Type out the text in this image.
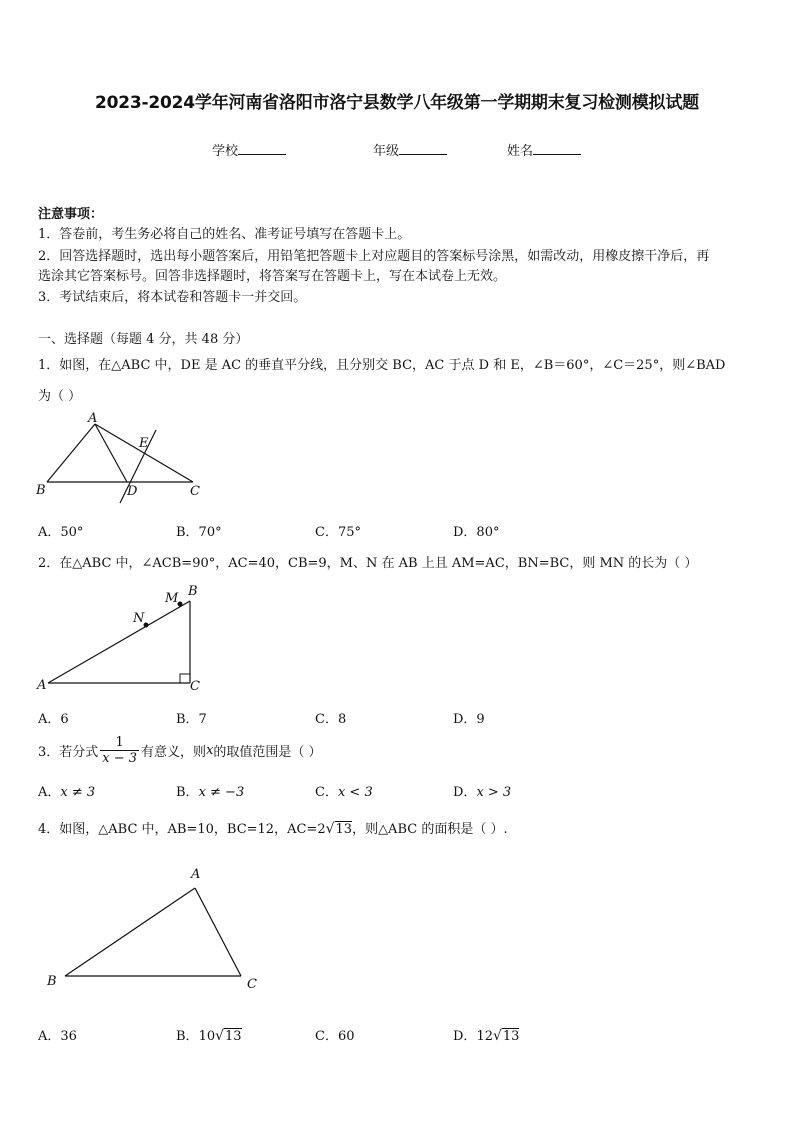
2023-2024学年河南省洛阳市洛宁县数学八年级第一学期期末复习检测模拟试题
学校	年级	姓名
注意事项：
1．答卷前，考生务必将自己的姓名、准考证号填写在答题卡上。
2．回答选择题时，选出每小题答案后，用铅笔把答题卡上对应题目的答案标号涂黑，如需改动，用橡皮擦干净后，再
选涂其它答案标号。回答非选择题时，将答案写在答题卡上，写在本试卷上无效。
3．考试结束后，将本试卷和答题卡一并交回。
一、选择题（每题 4 分，共 48 分）
1．如图，在△ABC 中，DE 是 AC 的垂直平分线，且分别交 BC，AC 于点 D 和 E，∠B＝60°，∠C＝25°，则∠BAD
为（ ）
A
B	C
D
E
A．50°	B．70°	C．75°	D．80°
2．在△ABC 中，∠ACB=90°，AC=40，CB=9，M、N 在 AB 上且 AM=AC，BN=BC，则 MN 的长为（ ）
A
B
C
M
N
A．6	B．7	C．8	D．9
3．若分式 $\frac{1}{x - 3}$ 有意义，则 x 的取值范围是（ ）
A．x ≠ 3	B．x ≠ −3	C．x < 3	D．x > 3
4．如图，△ABC 中，AB=10，BC=12，AC=2√13，则△ABC 的面积是（ ）.
A
B	C
A．36	B．10√13	C．60	D．12√13
